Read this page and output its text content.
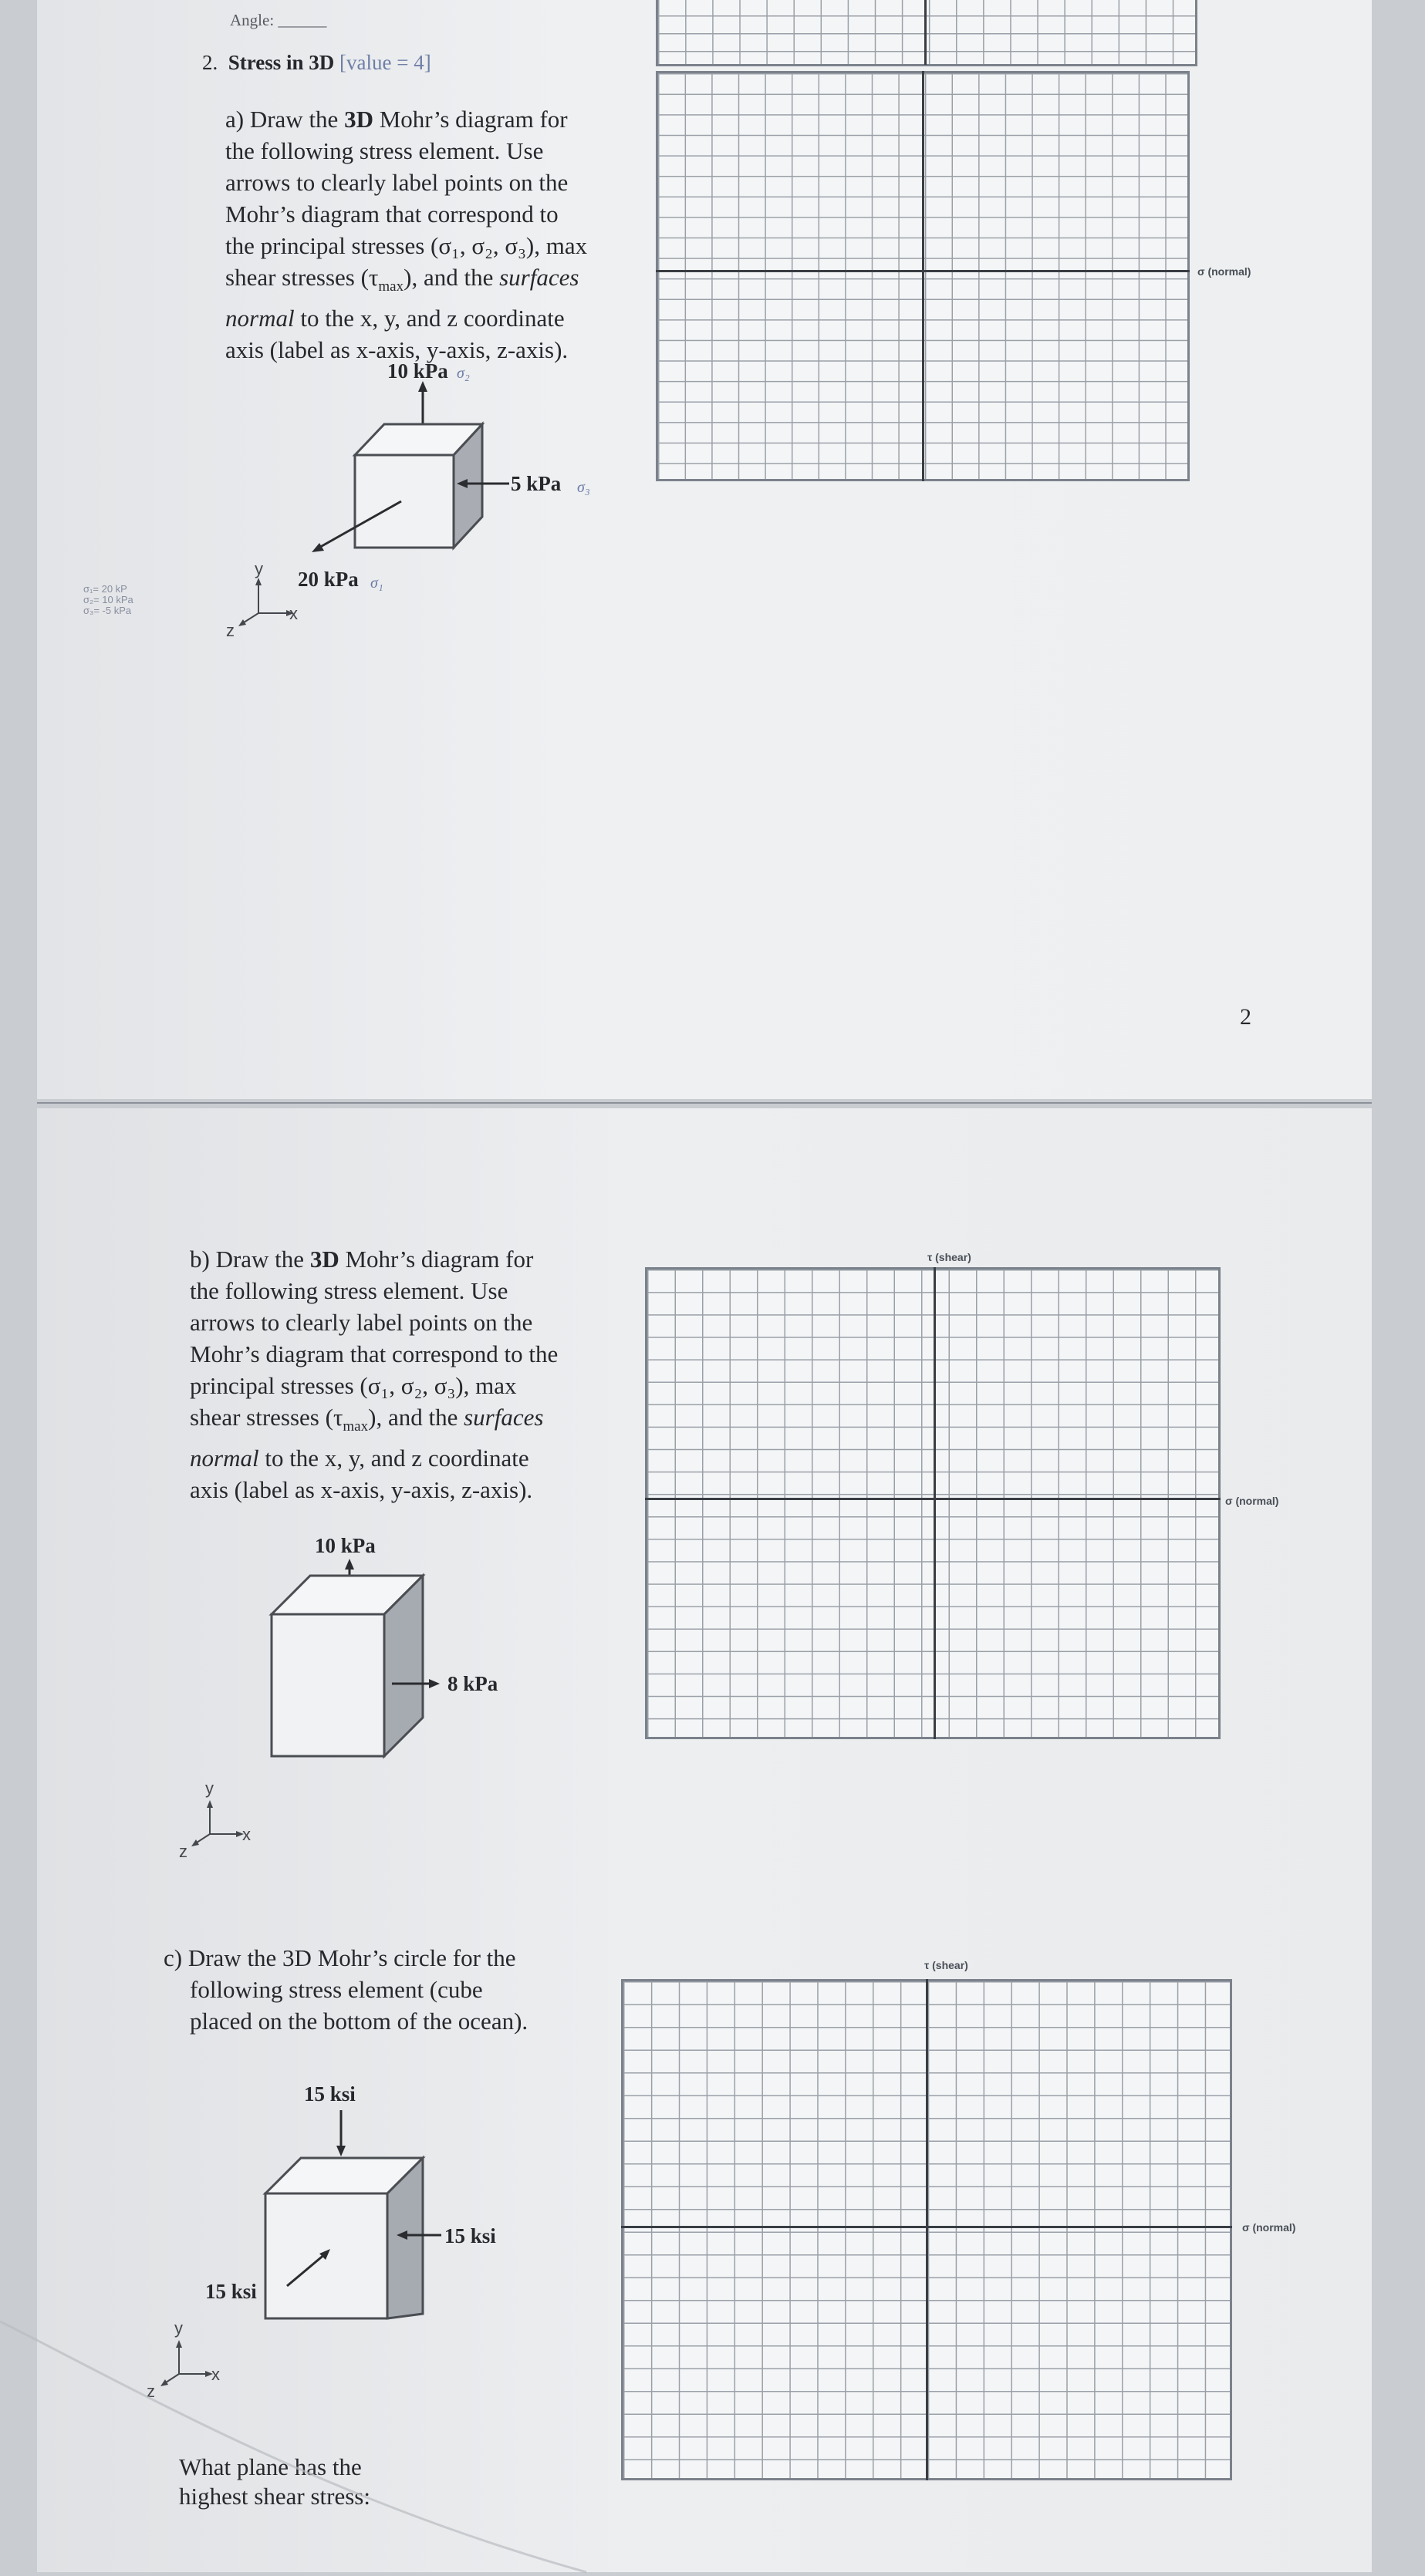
Angle: ______
2. Stress in 3D [value = 4]
a) Draw the 3D Mohr’s diagram for
the following stress element. Use
arrows to clearly label points on the
Mohr’s diagram that correspond to
the principal stresses (σ₁, σ₂, σ₃), max
shear stresses $(\tau_{max})$, and the surfaces
normal to the x, y, and z coordinate
axis (label as x-axis, y-axis, z-axis).
10 kPa σ₂
5 kPa σ₃
20 kPa σ₁
y
x
z
σ₁= 20 kP
σ₂= 10 kPa
σ₃= -5 kPa
σ (normal)
2
b) Draw the 3D Mohr’s diagram for
the following stress element. Use
arrows to clearly label points on the
Mohr’s diagram that correspond to the
principal stresses (σ₁, σ₂, σ₃), max
shear stresses $(\tau_{max})$, and the surfaces
normal to the x, y, and z coordinate
axis (label as x-axis, y-axis, z-axis).
10 kPa
8 kPa
y
x
z
τ (shear)
σ (normal)
c) Draw the 3D Mohr’s circle for the
following stress element (cube
placed on the bottom of the ocean).
15 ksi
15 ksi
15 ksi
y
x
z
τ (shear)
σ (normal)
What plane has the
highest shear stress:
